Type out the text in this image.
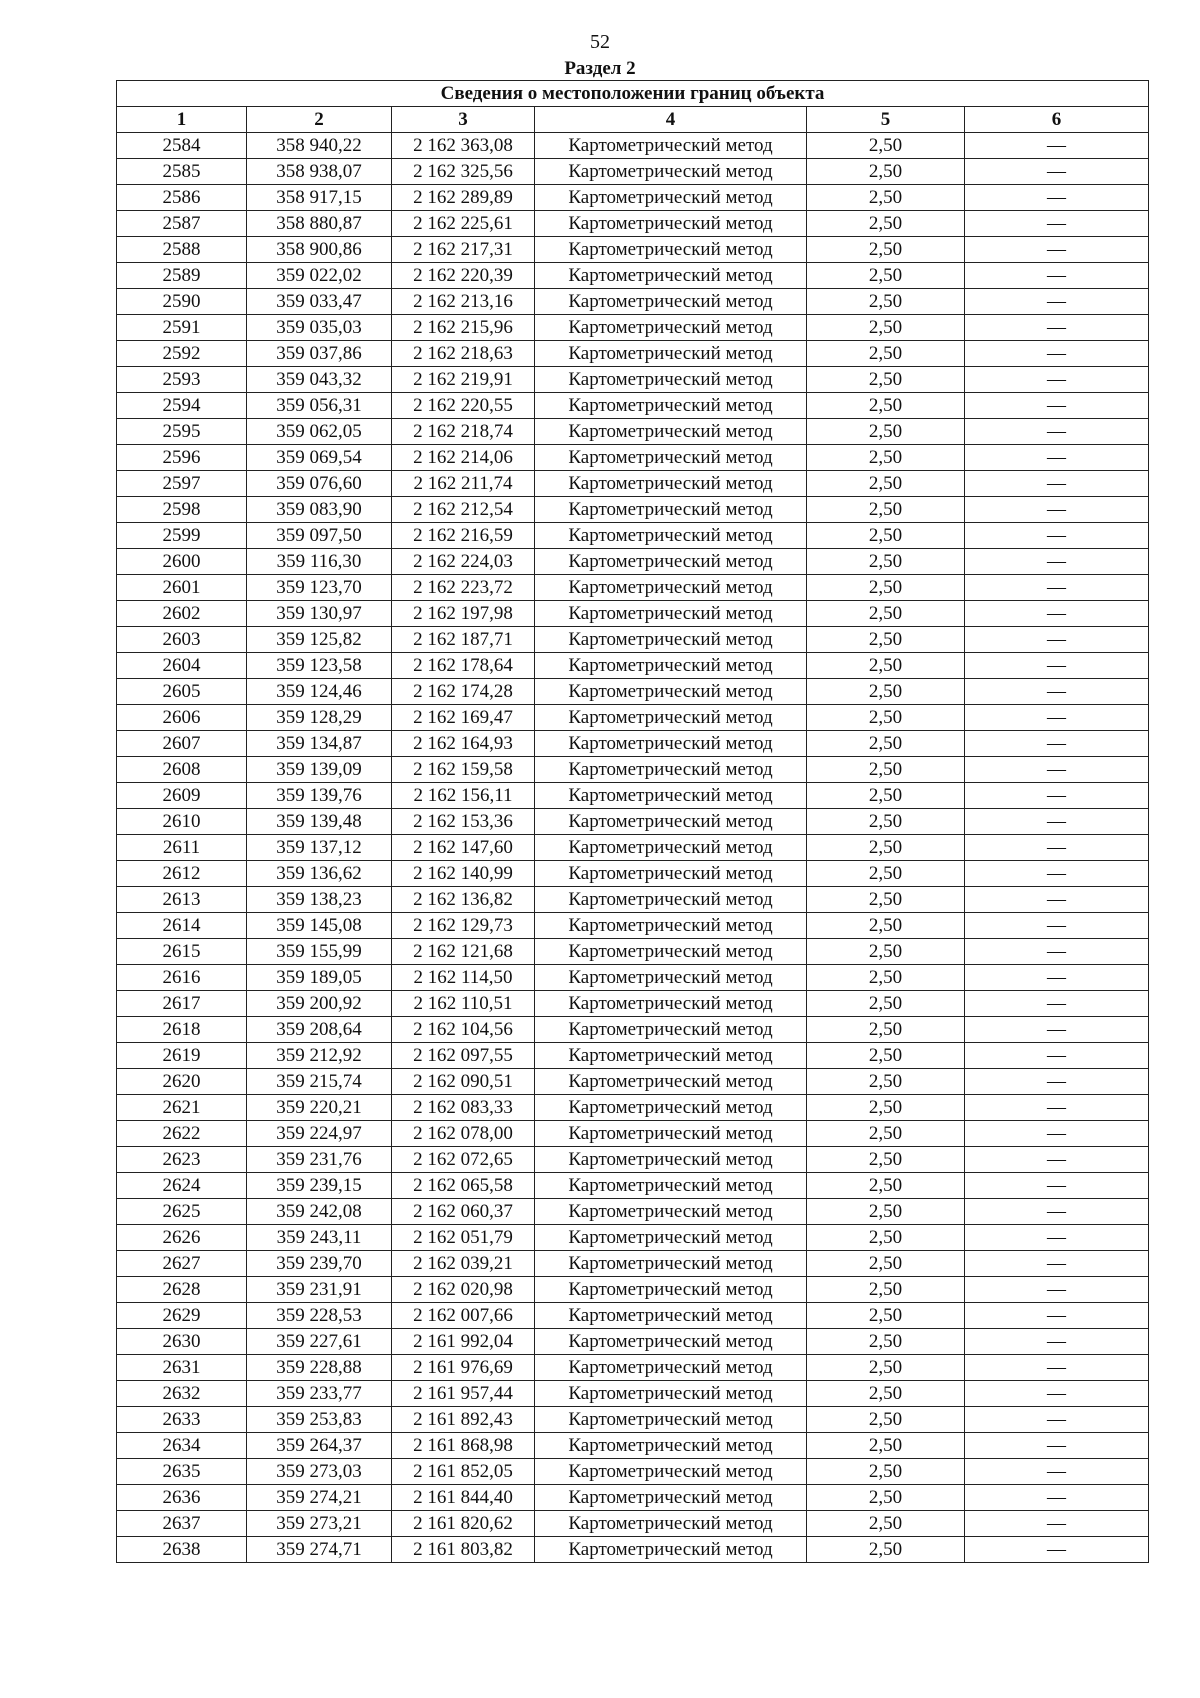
52
Раздел 2
Сведения о местоположении границ объекта					
1	2	3	4	5	6
2584	358 940,22	2 162 363,08	Картометрический метод	2,50	—
2585	358 938,07	2 162 325,56	Картометрический метод	2,50	—
2586	358 917,15	2 162 289,89	Картометрический метод	2,50	—
2587	358 880,87	2 162 225,61	Картометрический метод	2,50	—
2588	358 900,86	2 162 217,31	Картометрический метод	2,50	—
2589	359 022,02	2 162 220,39	Картометрический метод	2,50	—
2590	359 033,47	2 162 213,16	Картометрический метод	2,50	—
2591	359 035,03	2 162 215,96	Картометрический метод	2,50	—
2592	359 037,86	2 162 218,63	Картометрический метод	2,50	—
2593	359 043,32	2 162 219,91	Картометрический метод	2,50	—
2594	359 056,31	2 162 220,55	Картометрический метод	2,50	—
2595	359 062,05	2 162 218,74	Картометрический метод	2,50	—
2596	359 069,54	2 162 214,06	Картометрический метод	2,50	—
2597	359 076,60	2 162 211,74	Картометрический метод	2,50	—
2598	359 083,90	2 162 212,54	Картометрический метод	2,50	—
2599	359 097,50	2 162 216,59	Картометрический метод	2,50	—
2600	359 116,30	2 162 224,03	Картометрический метод	2,50	—
2601	359 123,70	2 162 223,72	Картометрический метод	2,50	—
2602	359 130,97	2 162 197,98	Картометрический метод	2,50	—
2603	359 125,82	2 162 187,71	Картометрический метод	2,50	—
2604	359 123,58	2 162 178,64	Картометрический метод	2,50	—
2605	359 124,46	2 162 174,28	Картометрический метод	2,50	—
2606	359 128,29	2 162 169,47	Картометрический метод	2,50	—
2607	359 134,87	2 162 164,93	Картометрический метод	2,50	—
2608	359 139,09	2 162 159,58	Картометрический метод	2,50	—
2609	359 139,76	2 162 156,11	Картометрический метод	2,50	—
2610	359 139,48	2 162 153,36	Картометрический метод	2,50	—
2611	359 137,12	2 162 147,60	Картометрический метод	2,50	—
2612	359 136,62	2 162 140,99	Картометрический метод	2,50	—
2613	359 138,23	2 162 136,82	Картометрический метод	2,50	—
2614	359 145,08	2 162 129,73	Картометрический метод	2,50	—
2615	359 155,99	2 162 121,68	Картометрический метод	2,50	—
2616	359 189,05	2 162 114,50	Картометрический метод	2,50	—
2617	359 200,92	2 162 110,51	Картометрический метод	2,50	—
2618	359 208,64	2 162 104,56	Картометрический метод	2,50	—
2619	359 212,92	2 162 097,55	Картометрический метод	2,50	—
2620	359 215,74	2 162 090,51	Картометрический метод	2,50	—
2621	359 220,21	2 162 083,33	Картометрический метод	2,50	—
2622	359 224,97	2 162 078,00	Картометрический метод	2,50	—
2623	359 231,76	2 162 072,65	Картометрический метод	2,50	—
2624	359 239,15	2 162 065,58	Картометрический метод	2,50	—
2625	359 242,08	2 162 060,37	Картометрический метод	2,50	—
2626	359 243,11	2 162 051,79	Картометрический метод	2,50	—
2627	359 239,70	2 162 039,21	Картометрический метод	2,50	—
2628	359 231,91	2 162 020,98	Картометрический метод	2,50	—
2629	359 228,53	2 162 007,66	Картометрический метод	2,50	—
2630	359 227,61	2 161 992,04	Картометрический метод	2,50	—
2631	359 228,88	2 161 976,69	Картометрический метод	2,50	—
2632	359 233,77	2 161 957,44	Картометрический метод	2,50	—
2633	359 253,83	2 161 892,43	Картометрический метод	2,50	—
2634	359 264,37	2 161 868,98	Картометрический метод	2,50	—
2635	359 273,03	2 161 852,05	Картометрический метод	2,50	—
2636	359 274,21	2 161 844,40	Картометрический метод	2,50	—
2637	359 273,21	2 161 820,62	Картометрический метод	2,50	—
2638	359 274,71	2 161 803,82	Картометрический метод	2,50	—
